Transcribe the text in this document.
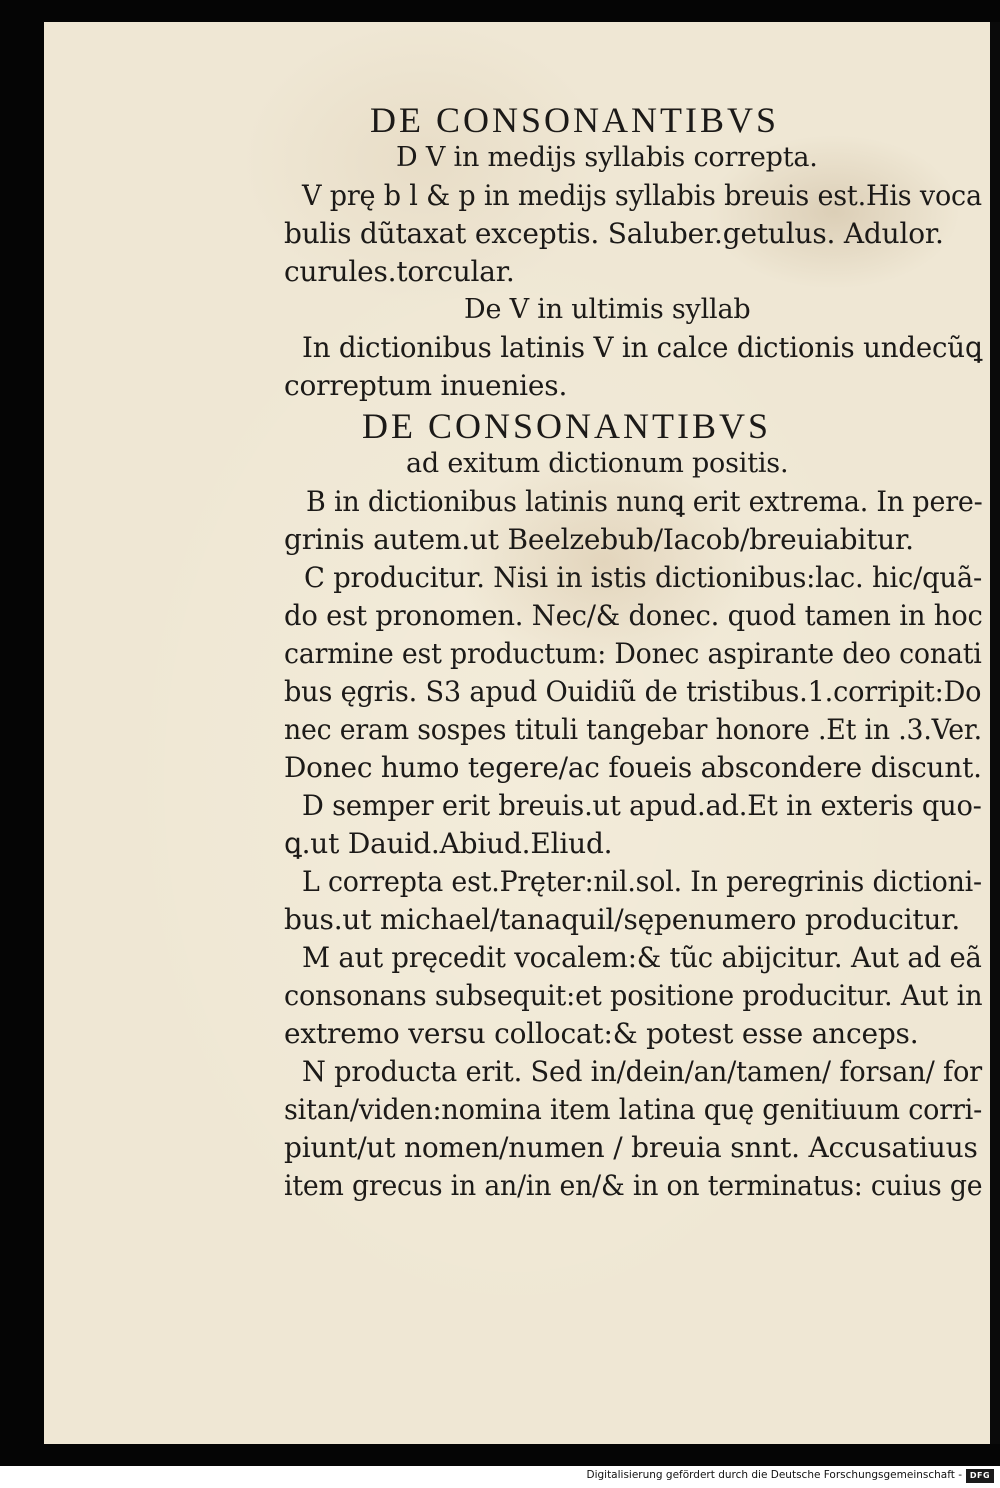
DE CONSONANTIBVS
D V in medijs syllabis correpta.
V prę b l & p in medijs syllabis breuis est.His voca
bulis dũtaxat exceptis. Saluber.getulus. Adulor.
curules.torcular.
De V in ultimis syllab
In dictionibus latinis V in calce dictionis undecũꝗ
correptum inuenies.
DE CONSONANTIBVS
ad exitum dictionum positis.
B in dictionibus latinis nunꝗ erit extrema. In pere-
grinis autem.ut Beelzebub/Iacob/breuiabitur.
C producitur. Nisi in istis dictionibus:lac. hic/quã-
do est pronomen. Nec/& donec. quod tamen in hoc
carmine est productum: Donec aspirante deo conati
bus ęgris. S3 apud Ouidiũ de tristibus.1.corripit:Do
nec eram sospes tituli tangebar honore .Et in .3.Ver.
Donec humo tegere/ac foueis abscondere discunt.
D semper erit breuis.ut apud.ad.Et in exteris quo-
ꝗ.ut Dauid.Abiud.Eliud.
L correpta est.Pręter:nil.sol. In peregrinis dictioni-
bus.ut michael/tanaquil/sępenumero producitur.
M aut pręcedit vocalem:& tũc abijcitur. Aut ad eã
consonans subsequit:et positione producitur. Aut in
extremo versu collocat:& potest esse anceps.
N producta erit. Sed in/dein/an/tamen/ forsan/ for
sitan/viden:nomina item latina quę genitiuum corri-
piunt/ut nomen/numen / breuia snnt. Accusatiuus
item grecus in an/in en/& in on terminatus: cuius ge
Digitalisierung gefördert durch die Deutsche Forschungsgemeinschaft - DFG
